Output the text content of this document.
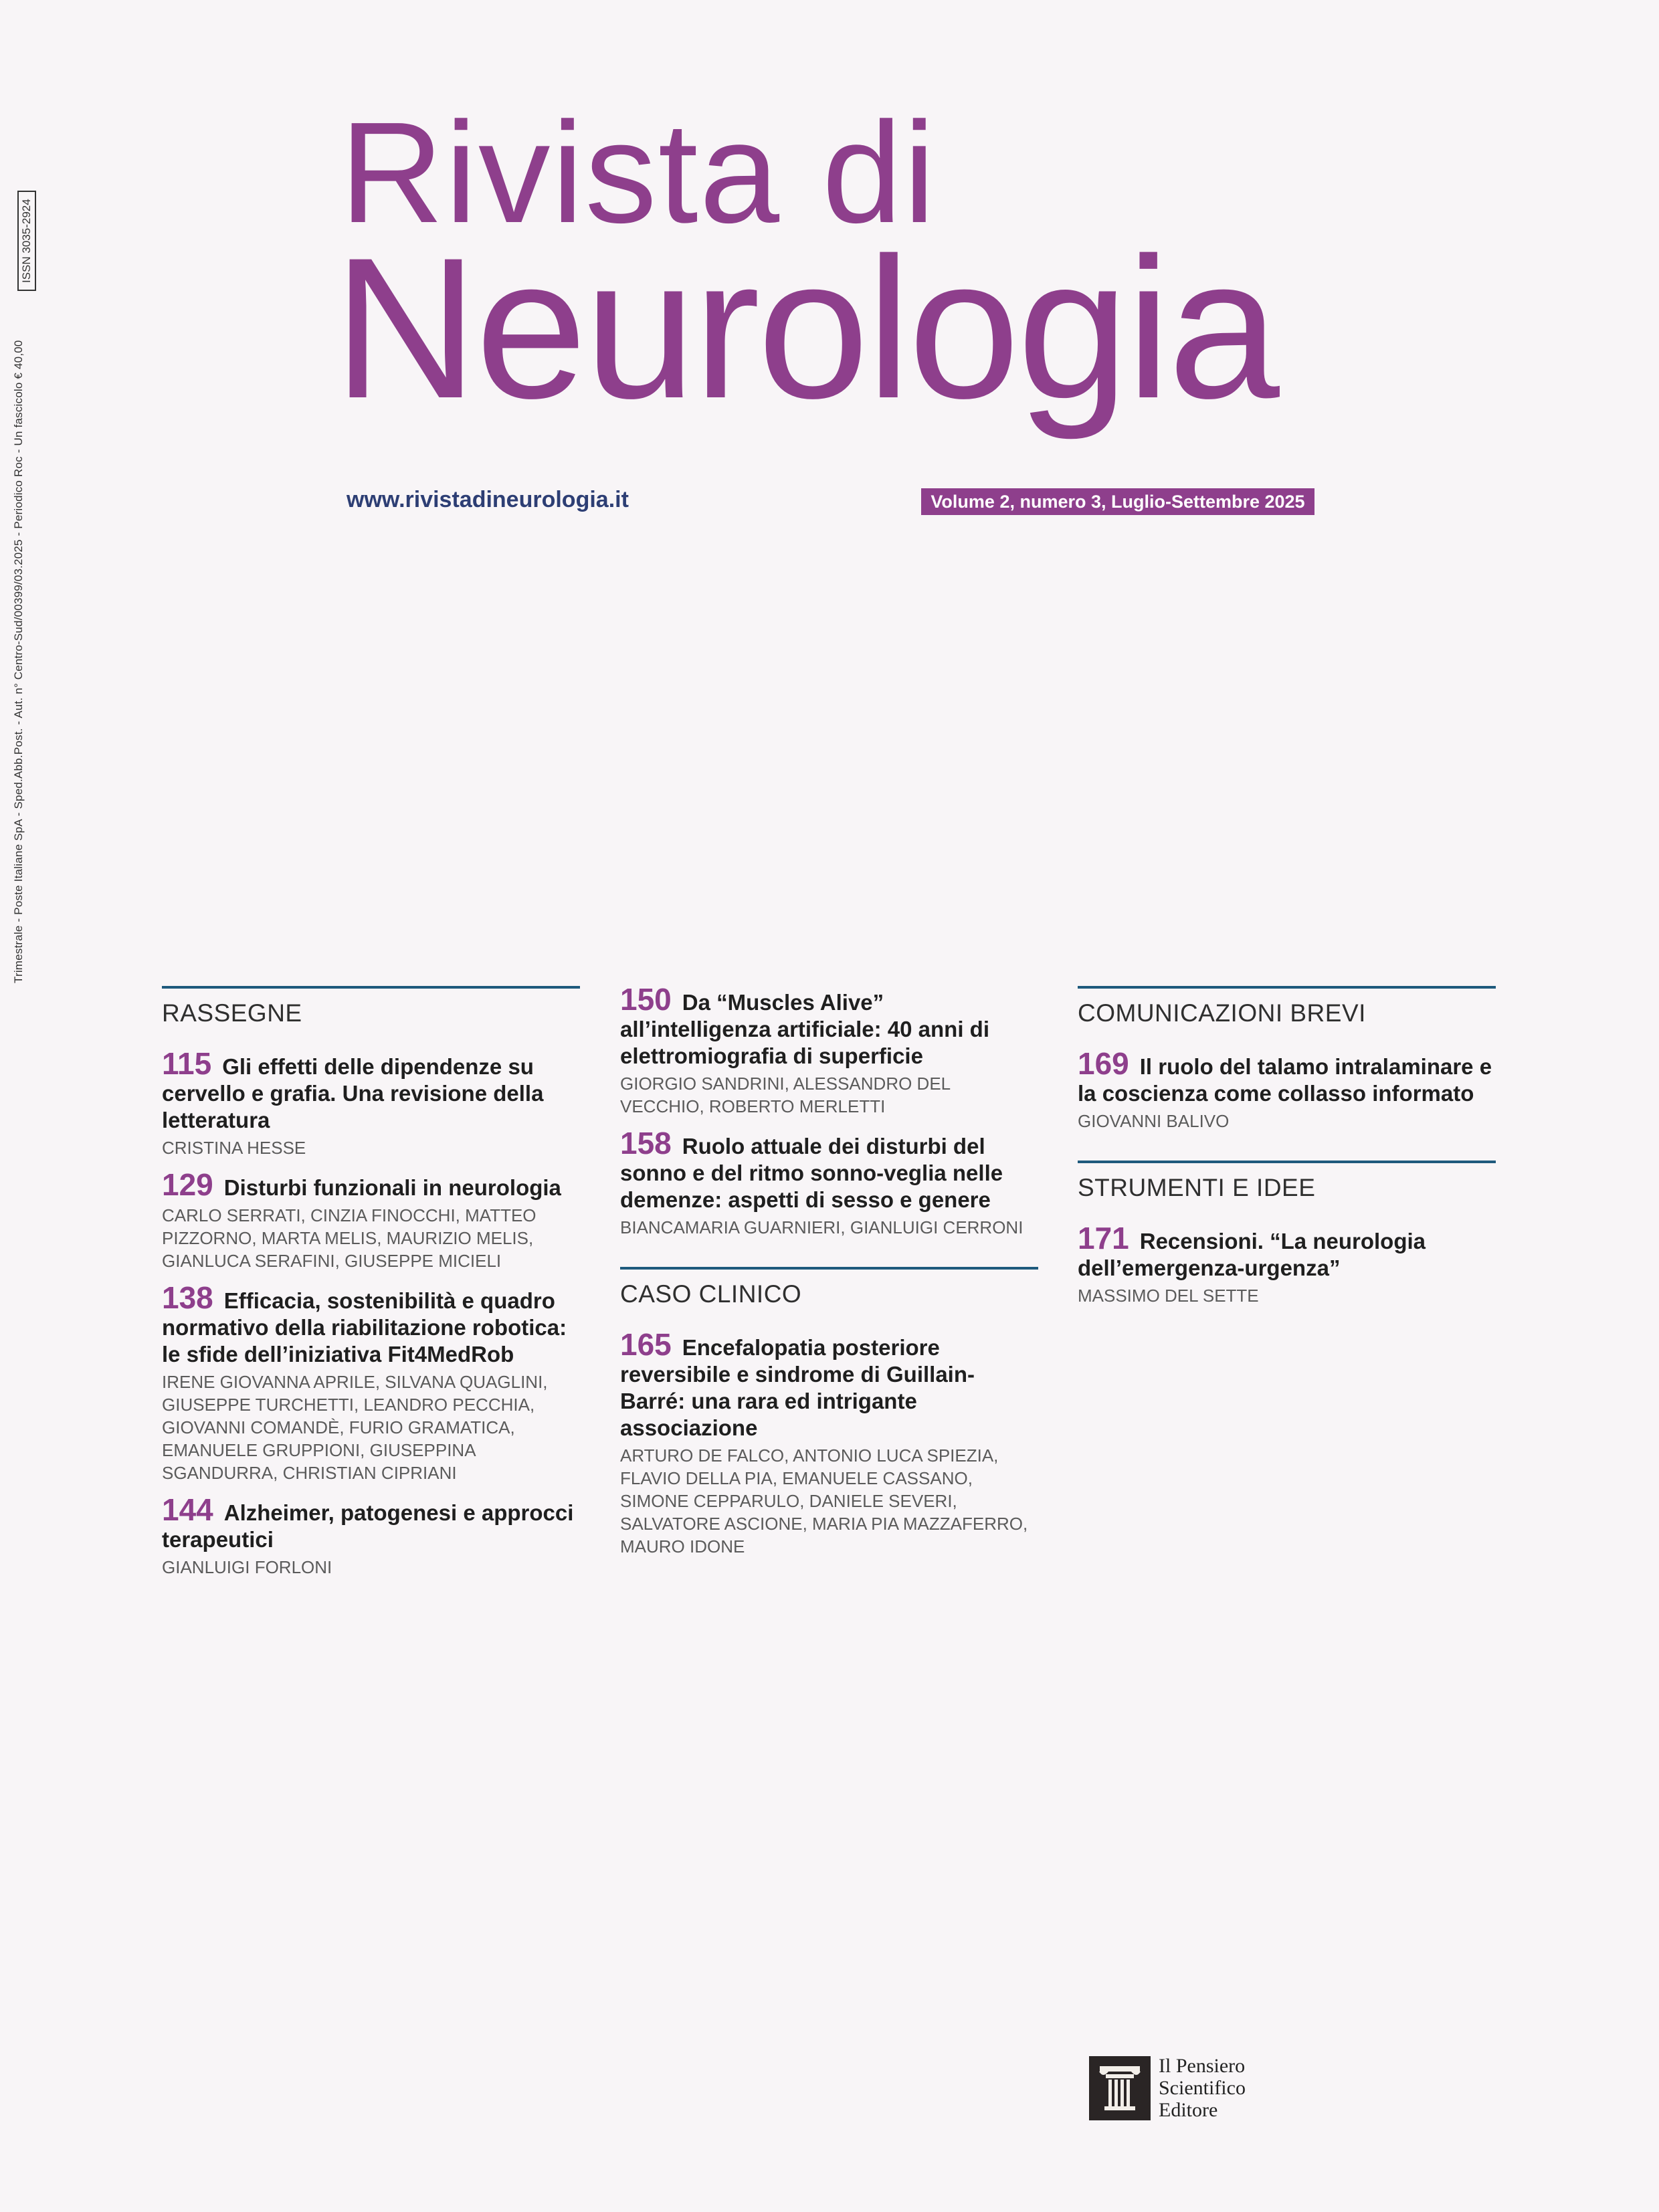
Trimestrale - Poste Italiane SpA - Sped.Abb.Post. - Aut. n° Centro-Sud/00399/03.2025 - Periodico Roc - Un fascicolo € 40,00
ISSN 3035-2924 Rivista di
Neurologia
www.rivistadineurologia.it	Volume 2, numero 3, Luglio-Settembre 2025
RASSEGNE
115 Gli effetti delle dipendenze su cervello e grafia. Una revisione della letteratura
CRISTINA HESSE
129 Disturbi funzionali in neurologia
CARLO SERRATI, CINZIA FINOCCHI, MATTEO PIZZORNO, MARTA MELIS, MAURIZIO MELIS, GIANLUCA SERAFINI, GIUSEPPE MICIELI
138 Efficacia, sostenibilità e quadro normativo della riabilitazione robotica: le sfide dell’iniziativa Fit4MedRob
IRENE GIOVANNA APRILE, SILVANA QUAGLINI, GIUSEPPE TURCHETTI, LEANDRO PECCHIA, GIOVANNI COMANDÈ, FURIO GRAMATICA, EMANUELE GRUPPIONI, GIUSEPPINA SGANDURRA, CHRISTIAN CIPRIANI
144 Alzheimer, patogenesi e approcci terapeutici
GIANLUIGI FORLONI
150 Da “Muscles Alive” all’intelligenza artificiale: 40 anni di elettromiografia di superficie
GIORGIO SANDRINI, ALESSANDRO DEL VECCHIO, ROBERTO MERLETTI
158 Ruolo attuale dei disturbi del sonno e del ritmo sonno-veglia nelle demenze: aspetti di sesso e genere
BIANCAMARIA GUARNIERI, GIANLUIGI CERRONI
CASO CLINICO
165 Encefalopatia posteriore reversibile e sindrome di Guillain-Barré: una rara ed intrigante associazione
ARTURO DE FALCO, ANTONIO LUCA SPIEZIA, FLAVIO DELLA PIA, EMANUELE CASSANO, SIMONE CEPPARULO, DANIELE SEVERI, SALVATORE ASCIONE, MARIA PIA MAZZAFERRO, MAURO IDONE
COMUNICAZIONI BREVI
169 Il ruolo del talamo intralaminare e la coscienza come collasso informato
GIOVANNI BALIVO
STRUMENTI E IDEE
171 Recensioni. “La neurologia dell’emergenza-urgenza”
MASSIMO DEL SETTE
Il Pensiero
Scientifico
Editore
